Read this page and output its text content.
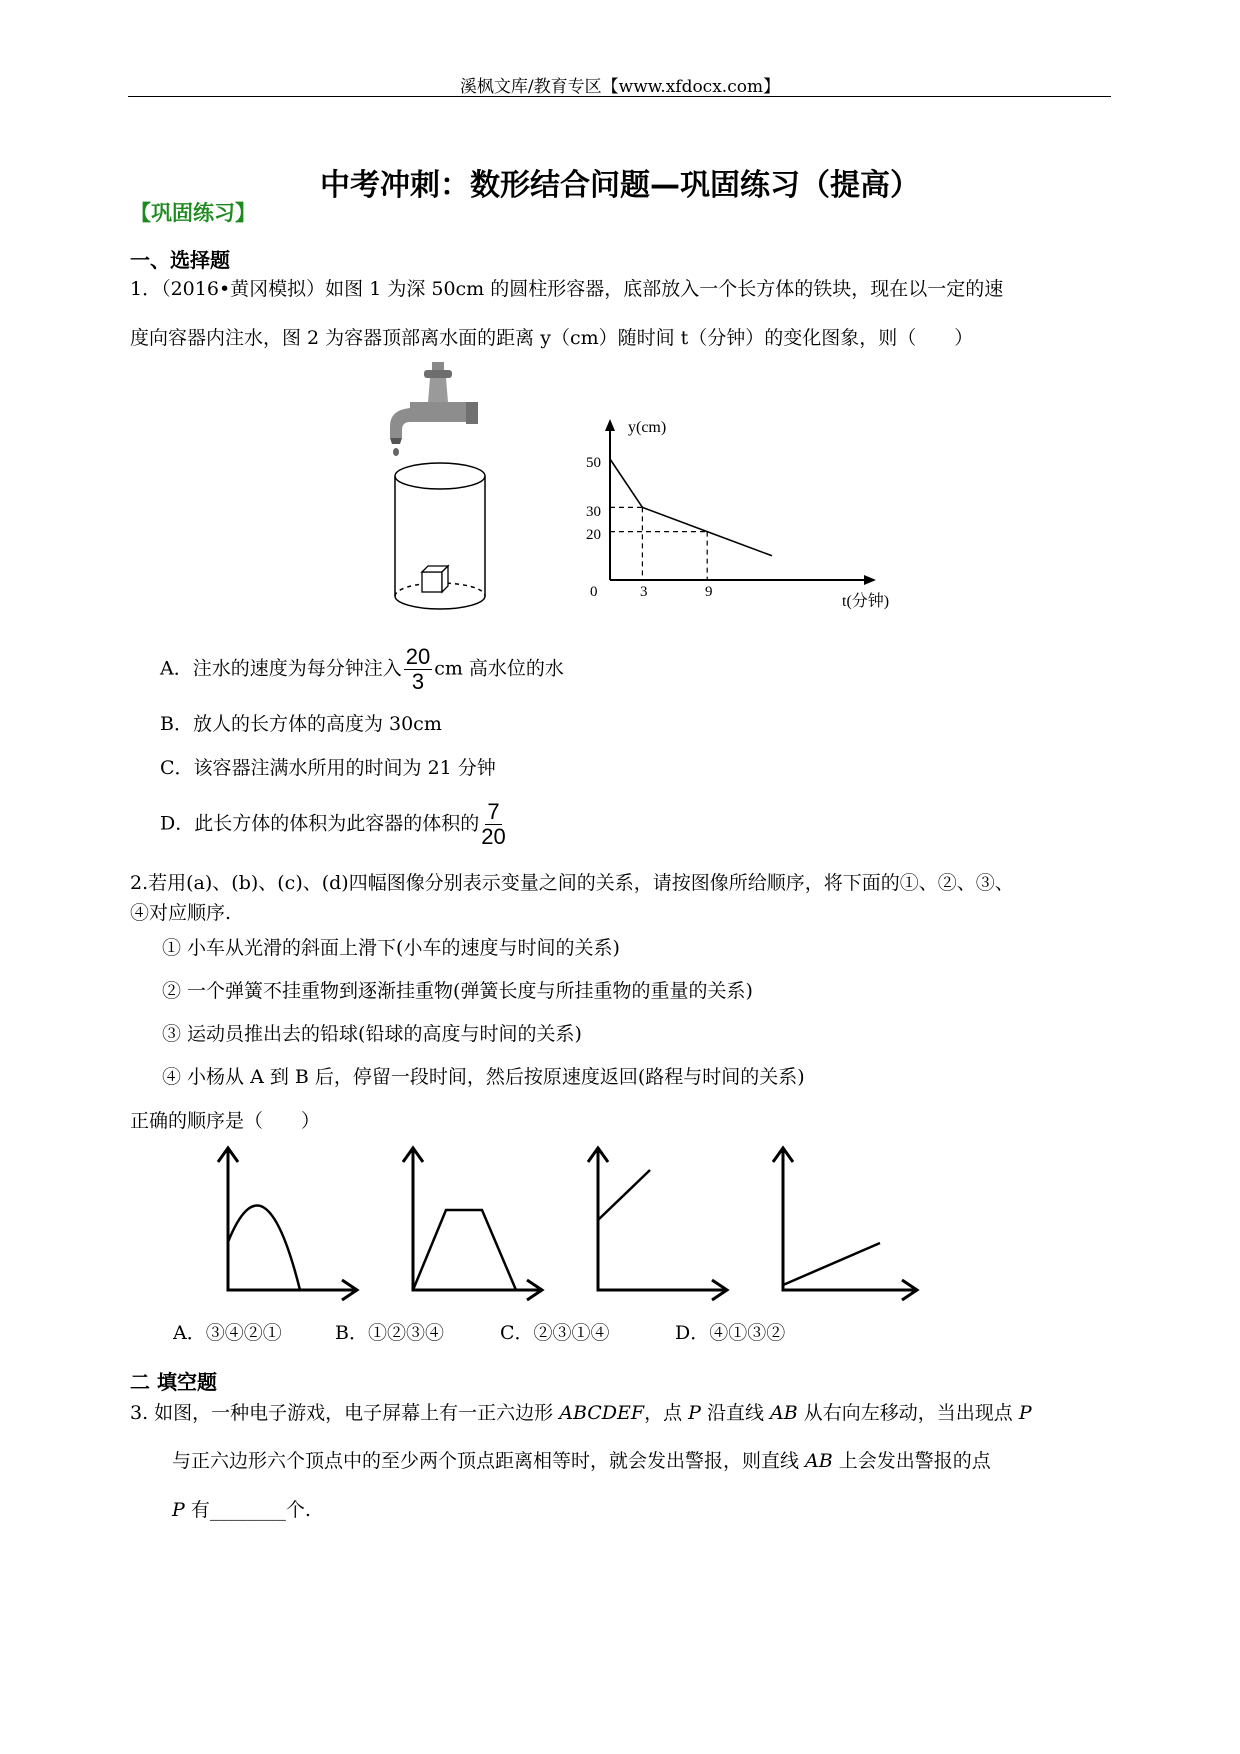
溪枫文库/教育专区【www.xfdocx.com】
中考冲刺：数形结合问题—巩固练习（提高）
【巩固练习】
一、选择题
1．（2016•黄冈模拟）如图 1 为深 50cm 的圆柱形容器，底部放入一个长方体的铁块，现在以一定的速
度向容器内注水，图 2 为容器顶部离水面的距离 y（cm）随时间 t（分钟）的变化图象，则（　　）
y(cm)
t(分钟)
0	3	9
50
30
20
A．注水的速度为每分钟注入 $\frac{20}{3}$ cm 高水位的水
B．放人的长方体的高度为 30cm
C．该容器注满水所用的时间为 21 分钟
D．此长方体的体积为此容器的体积的 $\frac{7}{20}$
2.若用(a)、(b)、(c)、(d)四幅图像分别表示变量之间的关系，请按图像所给顺序，将下面的①、②、③、
④对应顺序.
① 小车从光滑的斜面上滑下(小车的速度与时间的关系)
② 一个弹簧不挂重物到逐渐挂重物(弹簧长度与所挂重物的重量的关系)
③ 运动员推出去的铅球(铅球的高度与时间的关系)
④ 小杨从 A 到 B 后，停留一段时间，然后按原速度返回(路程与时间的关系)
正确的顺序是（　　）
A．③④②①	B．①②③④	C．②③①④	D．④①③②
二 填空题
3. 如图，一种电子游戏，电子屏幕上有一正六边形 ABCDEF，点 P 沿直线 AB 从右向左移动，当出现点 P
与正六边形六个顶点中的至少两个顶点距离相等时，就会发出警报，则直线 AB 上会发出警报的点
P 有________个.
